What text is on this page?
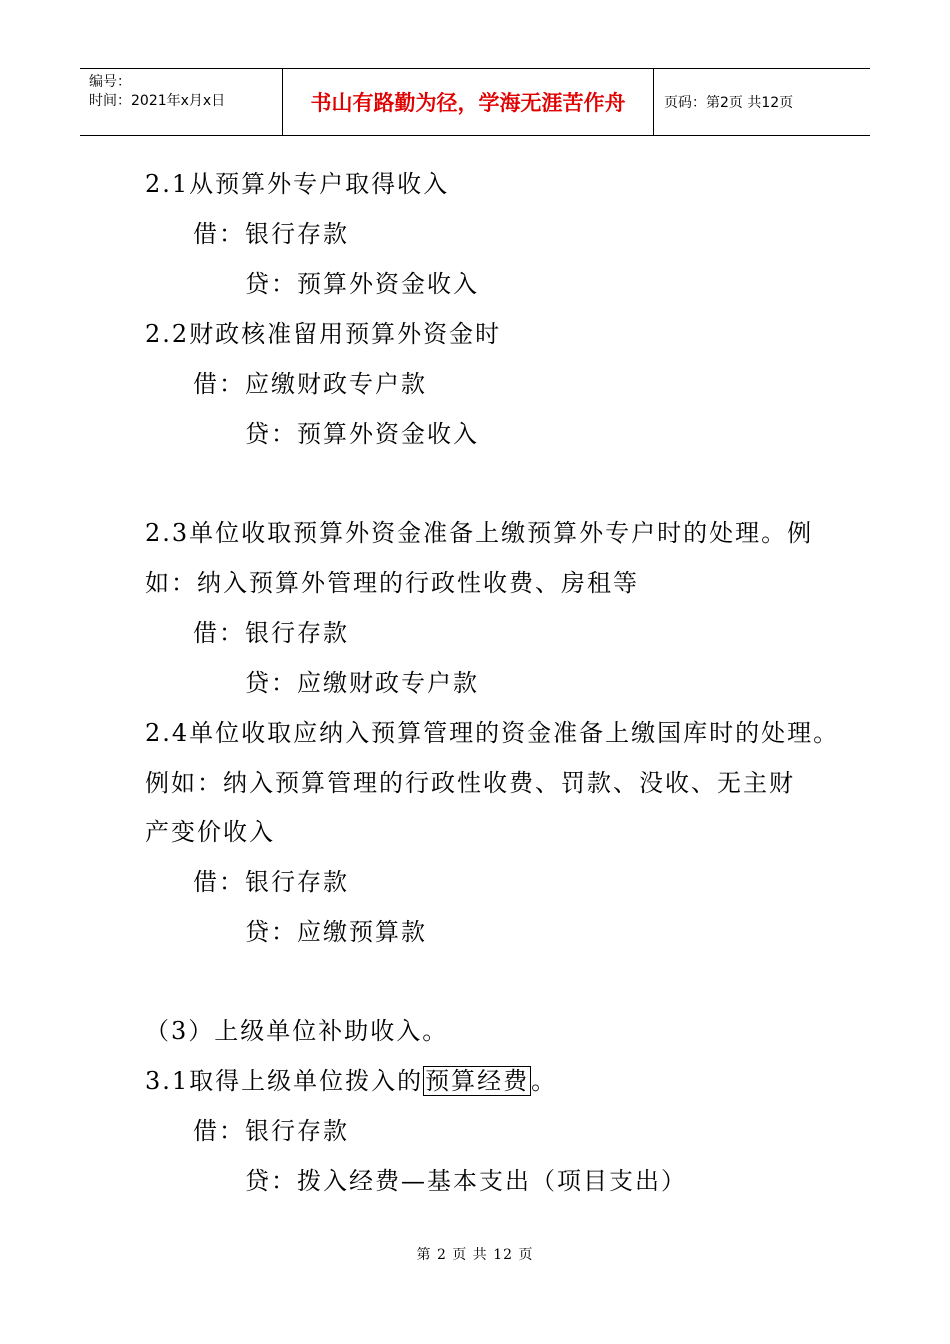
编号：
时间：2021年x月x日	书山有路勤为径，学海无涯苦作舟	页码：第2页 共12页
2.1从预算外专户取得收入
借：银行存款
贷：预算外资金收入
2.2财政核准留用预算外资金时
借：应缴财政专户款
贷：预算外资金收入
2.3单位收取预算外资金准备上缴预算外专户时的处理。例
如：纳入预算外管理的行政性收费、房租等
借：银行存款
贷：应缴财政专户款
2.4单位收取应纳入预算管理的资金准备上缴国库时的处理。
例如：纳入预算管理的行政性收费、罚款、没收、无主财
产变价收入
借：银行存款
贷：应缴预算款
（3）上级单位补助收入。
3.1取得上级单位拨入的预算经费。
借：银行存款
贷：拨入经费—基本支出（项目支出）
第 2 页 共 12 页
